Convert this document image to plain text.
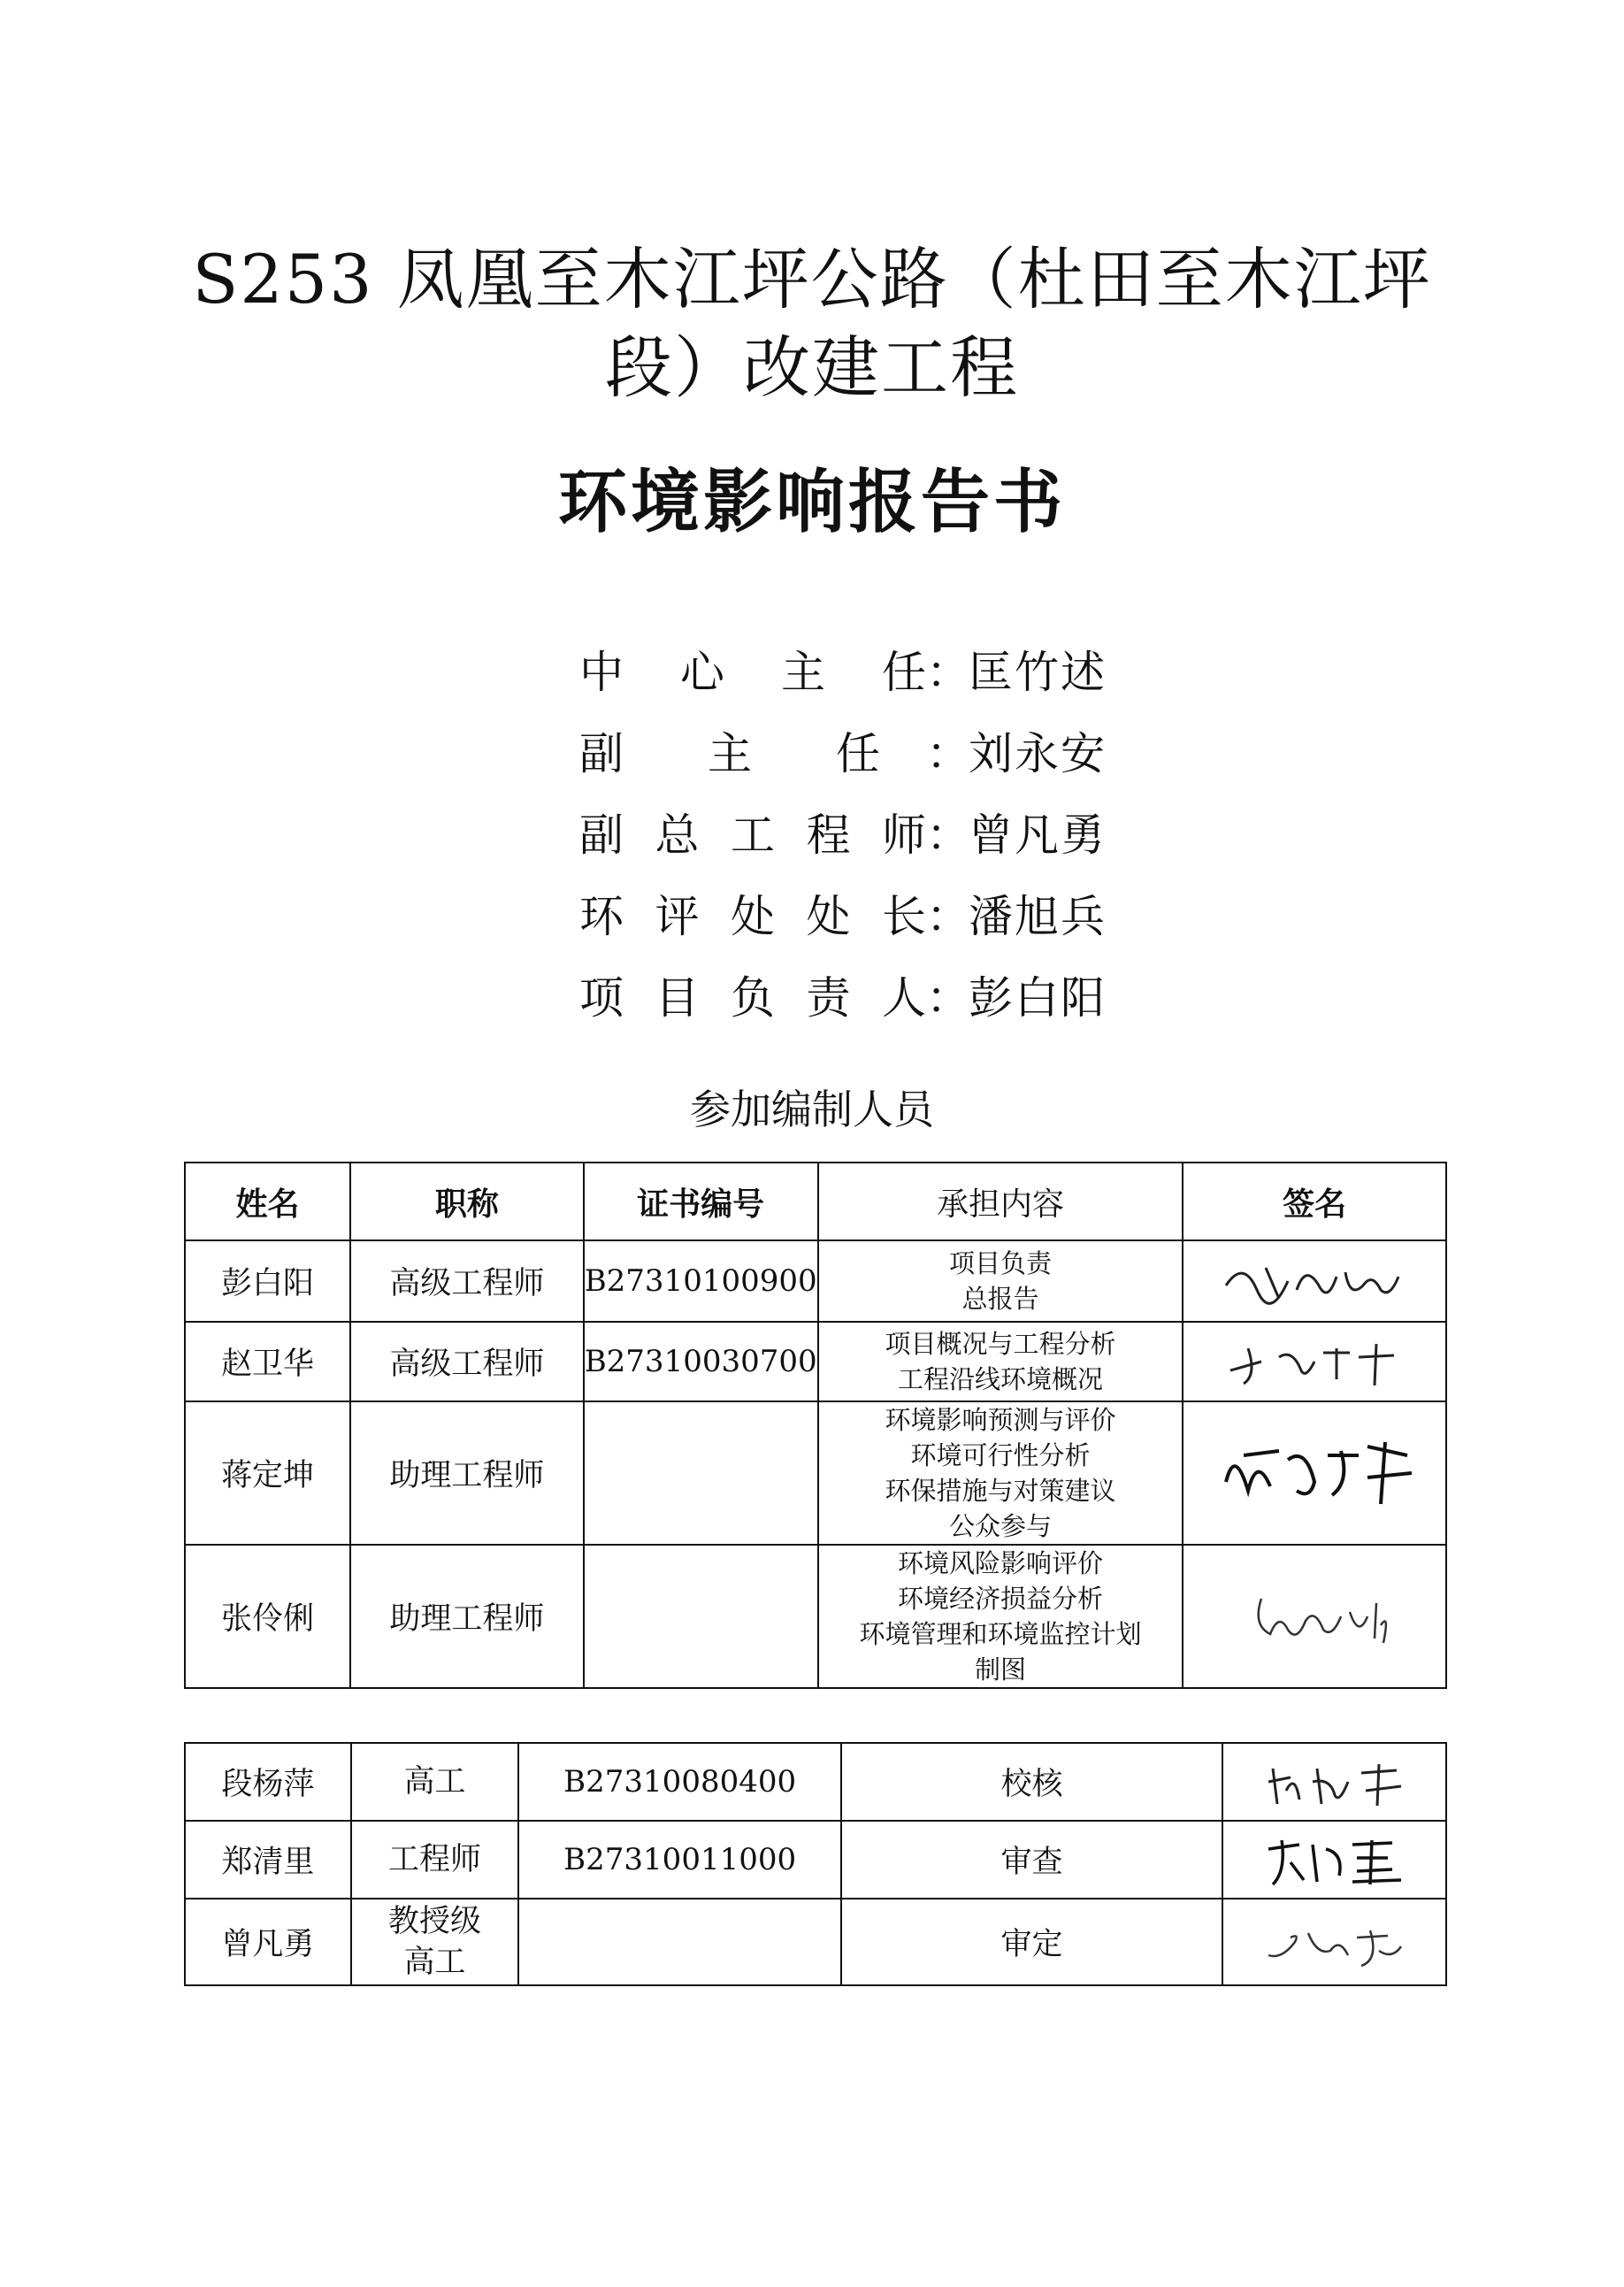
S253 凤凰至木江坪公路（杜田至木江坪
段）改建工程
环境影响报告书
中心主任 ：
匡竹述
副 主 任 ：
刘永安
副总工程师 ：
曾凡勇
环评处处长 ：
潘旭兵
项目负责人 ：
彭白阳
参加编制人员
姓名	职称	证书编号	承担内容	签名
彭白阳	高级工程师	B27310100900	项目负责
总报告

赵卫华	高级工程师	B27310030700	项目概况与工程分析
工程沿线环境概况

蒋定坤	助理工程师		环境影响预测与评价
环境可行性分析
环保措施与对策建议
公众参与

张伶俐	助理工程师		环境风险影响评价
环境经济损益分析
环境管理和环境监控计划
制图

段杨萍	高工	B27310080400	校核	

郑清里	工程师	B27310011000	审查	

曾凡勇	教授级
高工		审定	
